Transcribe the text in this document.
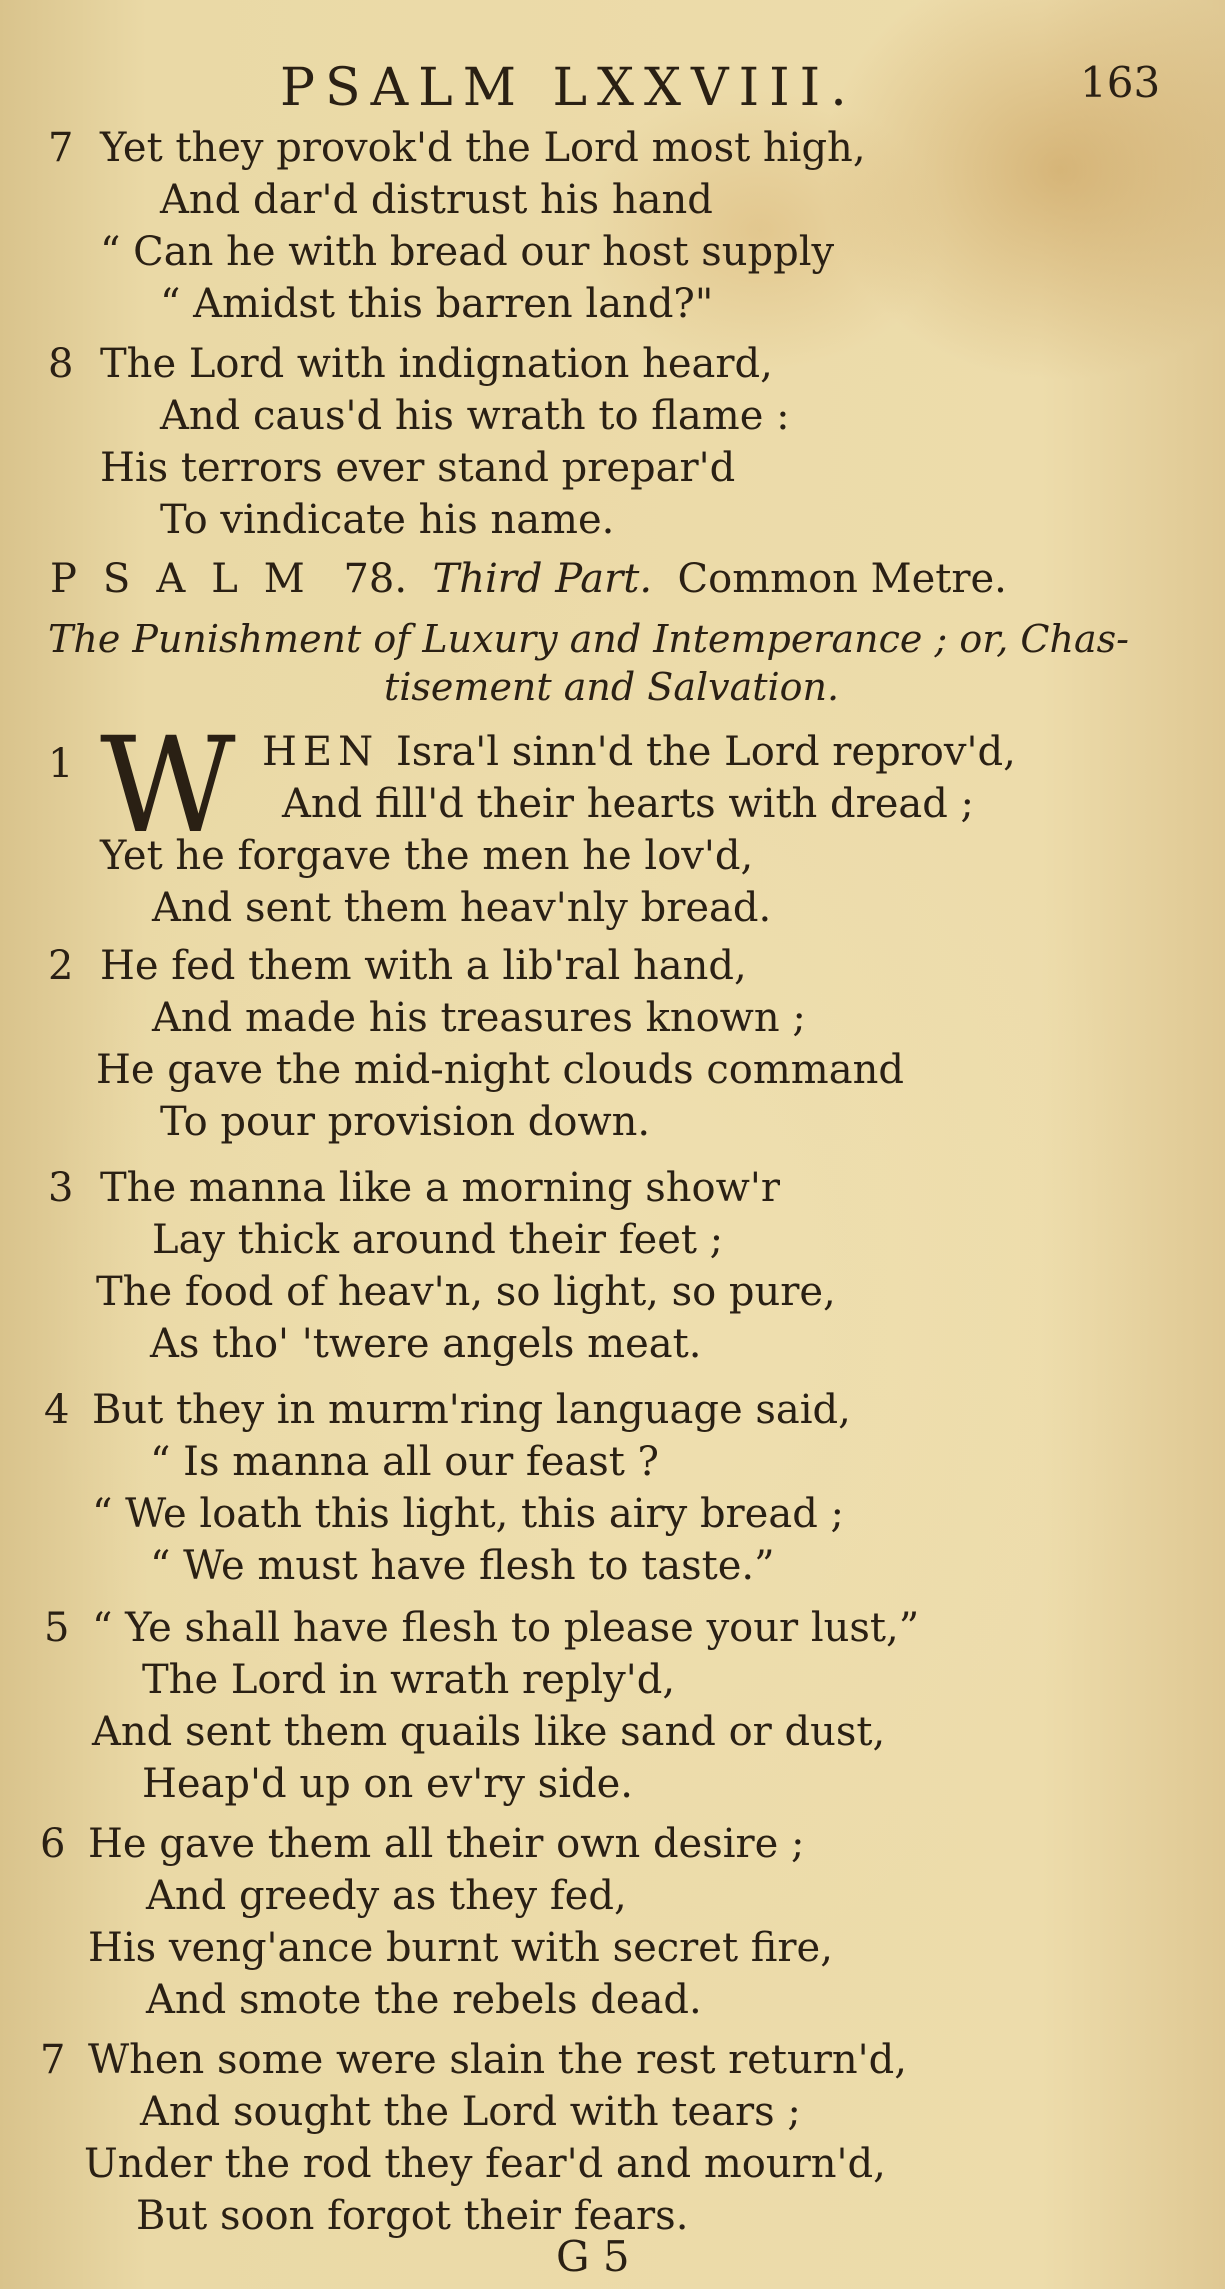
PSALM LXXVIII.	163
7 Yet they provok'd the Lord most high,
And dar'd distrust his hand
“ Can he with bread our host supply
“ Amidst this barren land?"
8 The Lord with indignation heard,
And caus'd his wrath to flame :
His terrors ever stand prepar'd
To vindicate his name.
PSALM 78. Third Part. Common Metre.
The Punishment of Luxury and Intemperance ; or, Chas-
tisement and Salvation.
1 W HEN Isra'l sinn'd the Lord reprov'd,
And fill'd their hearts with dread ;
Yet he forgave the men he lov'd,
And sent them heav'nly bread.
2 He fed them with a lib'ral hand,
And made his treasures known ;
He gave the mid-night clouds command
To pour provision down.
3 The manna like a morning show'r
Lay thick around their feet ;
The food of heav'n, so light, so pure,
As tho' 'twere angels meat.
4 But they in murm'ring language said,
“ Is manna all our feast ?
“ We loath this light, this airy bread ;
“ We must have flesh to taste.”
5 “ Ye shall have flesh to please your lust,”
The Lord in wrath reply'd,
And sent them quails like sand or dust,
Heap'd up on ev'ry side.
6 He gave them all their own desire ;
And greedy as they fed,
His veng'ance burnt with secret fire,
And smote the rebels dead.
7 When some were slain the rest return'd,
And sought the Lord with tears ;
Under the rod they fear'd and mourn'd,
But soon forgot their fears.
G 5
